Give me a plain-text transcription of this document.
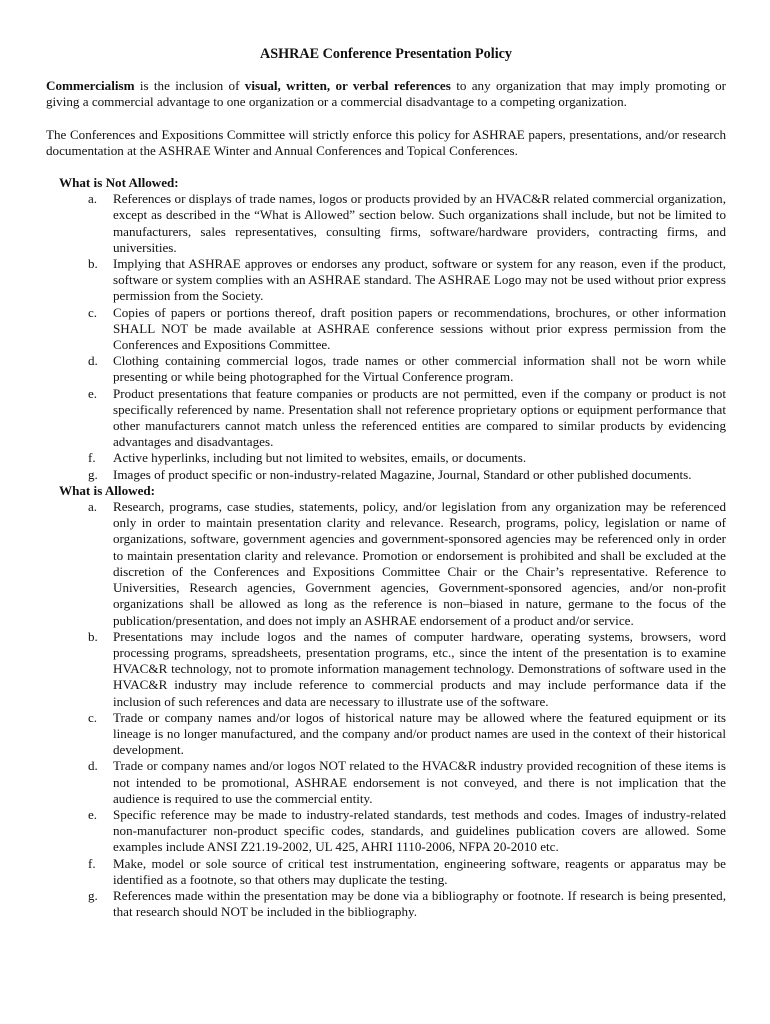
ASHRAE Conference Presentation Policy

Commercialism is the inclusion of visual, written, or verbal references to any organization that may imply promoting or giving a commercial advantage to one organization or a commercial disadvantage to a competing organization.

The Conferences and Expositions Committee will strictly enforce this policy for ASHRAE papers, presentations, and/or research documentation at the ASHRAE Winter and Annual Conferences and Topical Conferences.

What is Not Allowed:
a.	References or displays of trade names, logos or products provided by an HVAC&R related commercial organization, except as described in the “What is Allowed” section below. Such organizations shall include, but not be limited to manufacturers, sales representatives, consulting firms, software/hardware providers, contracting firms, and universities.
b.	Implying that ASHRAE approves or endorses any product, software or system for any reason, even if the product, software or system complies with an ASHRAE standard. The ASHRAE Logo may not be used without prior express permission from the Society.
c.	Copies of papers or portions thereof, draft position papers or recommendations, brochures, or other information SHALL NOT be made available at ASHRAE conference sessions without prior express permission from the Conferences and Expositions Committee.
d.	Clothing containing commercial logos, trade names or other commercial information shall not be worn while presenting or while being photographed for the Virtual Conference program.
e.	Product presentations that feature companies or products are not permitted, even if the company or product is not specifically referenced by name. Presentation shall not reference proprietary options or equipment performance that other manufacturers cannot match unless the referenced entities are compared to similar products by evidencing advantages and disadvantages.
f.	Active hyperlinks, including but not limited to websites, emails, or documents.
g.	Images of product specific or non-industry-related Magazine, Journal, Standard or other published documents.
What is Allowed:
a.	Research, programs, case studies, statements, policy, and/or legislation from any organization may be referenced only in order to maintain presentation clarity and relevance. Research, programs, policy, legislation or name of organizations, software, government agencies and government-sponsored agencies may be referenced only in order to maintain presentation clarity and relevance. Promotion or endorsement is prohibited and shall be excluded at the discretion of the Conferences and Expositions Committee Chair or the Chair’s representative. Reference to Universities, Research agencies, Government agencies, Government-sponsored agencies, and/or non-profit organizations shall be allowed as long as the reference is non–biased in nature, germane to the focus of the publication/presentation, and does not imply an ASHRAE endorsement of a product and/or service.
b.	Presentations may include logos and the names of computer hardware, operating systems, browsers, word processing programs, spreadsheets, presentation programs, etc., since the intent of the presentation is to examine HVAC&R technology, not to promote information management technology. Demonstrations of software used in the HVAC&R industry may include reference to commercial products and may include performance data if the inclusion of such references and data are necessary to illustrate use of the software.
c.	Trade or company names and/or logos of historical nature may be allowed where the featured equipment or its lineage is no longer manufactured, and the company and/or product names are used in the context of their historical development.
d.	Trade or company names and/or logos NOT related to the HVAC&R industry provided recognition of these items is not intended to be promotional, ASHRAE endorsement is not conveyed, and there is not implication that the audience is required to use the commercial entity.
e.	Specific reference may be made to industry-related standards, test methods and codes. Images of industry-related non-manufacturer non-product specific codes, standards, and guidelines publication covers are allowed. Some examples include ANSI Z21.19-2002, UL 425, AHRI 1110-2006, NFPA 20-2010 etc.
f.	Make, model or sole source of critical test instrumentation, engineering software, reagents or apparatus may be identified as a footnote, so that others may duplicate the testing.
g.	References made within the presentation may be done via a bibliography or footnote. If research is being presented, that research should NOT be included in the bibliography.
